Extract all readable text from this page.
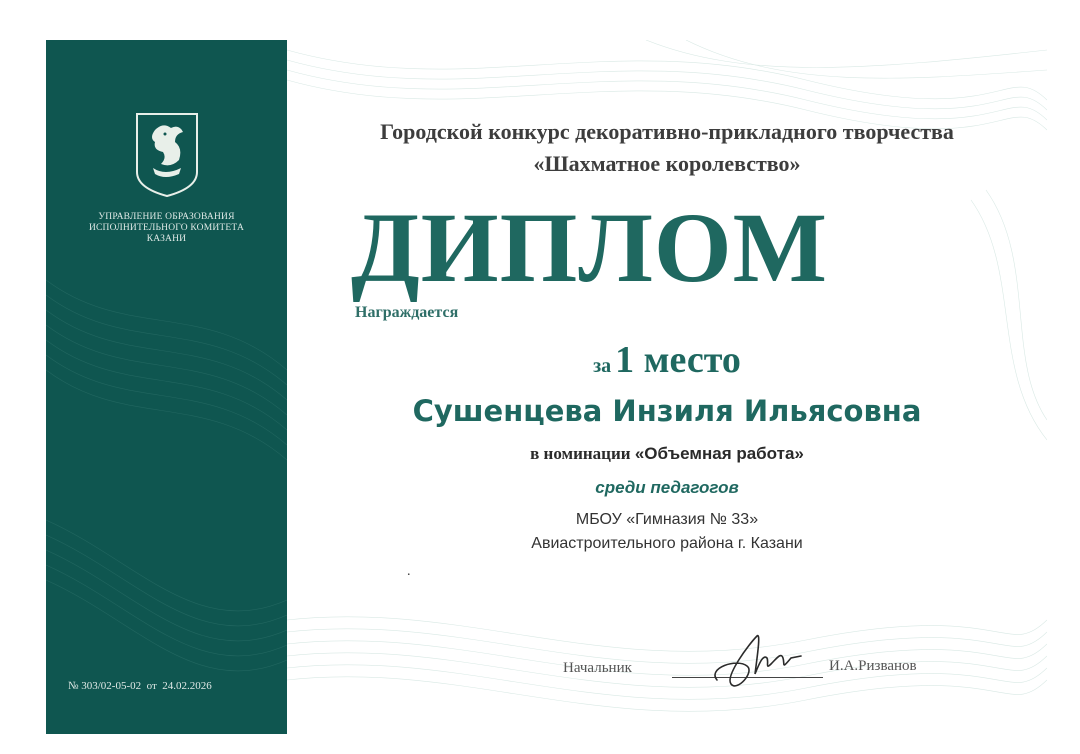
УПРАВЛЕНИЕ ОБРАЗОВАНИЯ
ИСПОЛНИТЕЛЬНОГО КОМИТЕТА
КАЗАНИ
№ 303/02-05-02  от  24.02.2026
Городской конкурс декоративно-прикладного творчества
«Шахматное королевство»
ДИПЛОМ
Награждается
за 1 место
Сушенцева Инзиля Ильясовна
в номинации «Объемная работа»
среди педагогов
МБОУ «Гимназия № 33»
Авиастроительного района г. Казани
.
Начальник	И.А.Ризванов
